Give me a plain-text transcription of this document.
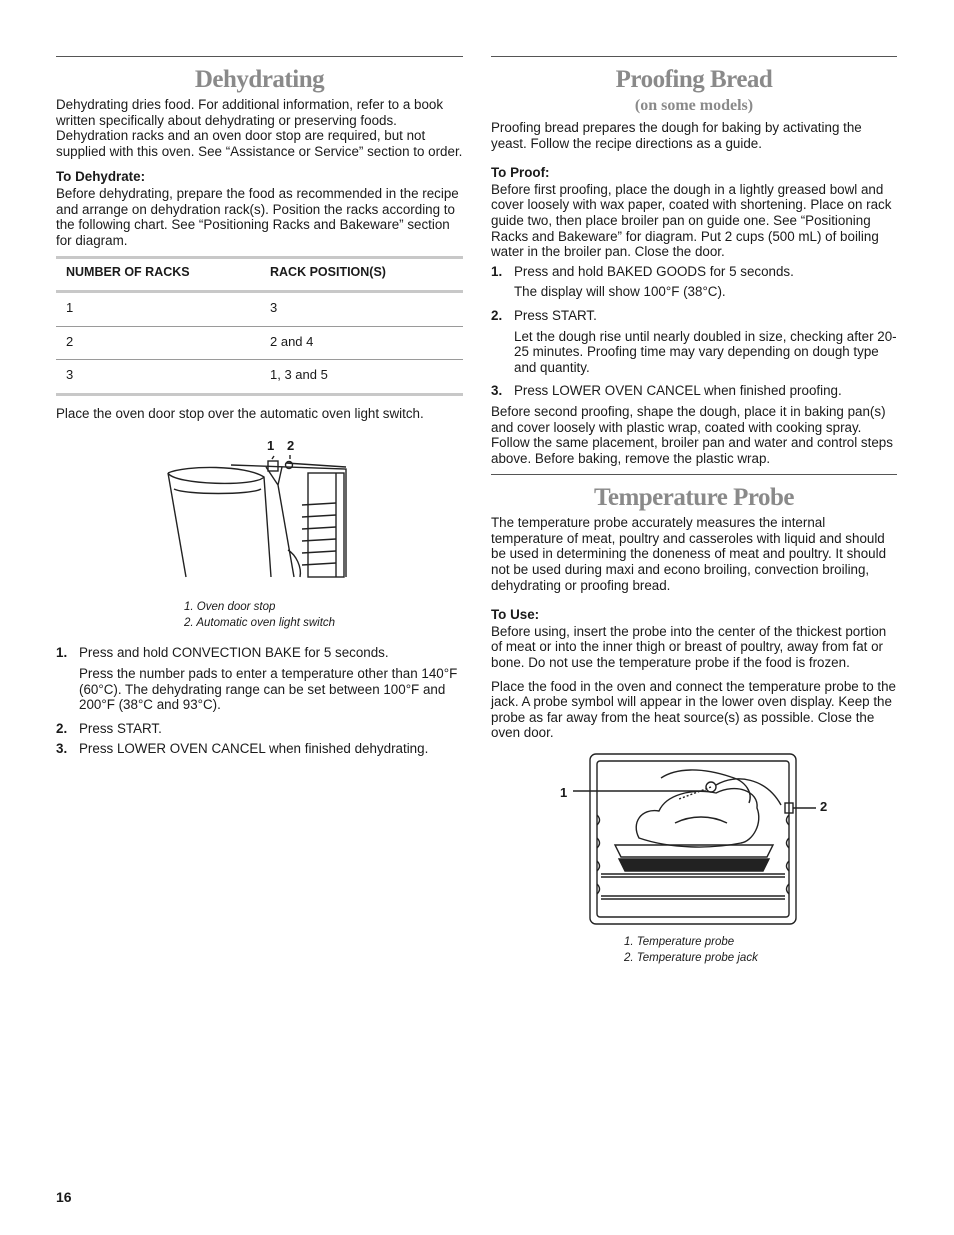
Dehydrating

Dehydrating dries food. For additional information, refer to a book written specifically about dehydrating or preserving foods. Dehydration racks and an oven door stop are required, but not supplied with this oven. See “Assistance or Service” section to order.

To Dehydrate:

Before dehydrating, prepare the food as recommended in the recipe and arrange on dehydration rack(s). Position the racks according to the following chart. See “Positioning Racks and Bakeware” section for diagram.

NUMBER OF RACKS	RACK POSITION(S)
1	3
2	2 and 4
3	1, 3 and 5

Place the oven door stop over the automatic oven light switch.

1 2
1. Oven door stop
2. Automatic oven light switch
1. Press and hold CONVECTION BAKE for 5 seconds.
Press the number pads to enter a temperature other than 140°F (60°C). The dehydrating range can be set between 100°F and 200°F (38°C and 93°C).
2. Press START.
3. Press LOWER OVEN CANCEL when finished dehydrating.
Proofing Bread
(on some models)

Proofing bread prepares the dough for baking by activating the yeast. Follow the recipe directions as a guide.

To Proof:

Before first proofing, place the dough in a lightly greased bowl and cover loosely with wax paper, coated with shortening. Place on rack guide two, then place broiler pan on guide one. See “Positioning Racks and Bakeware” for diagram. Put 2 cups (500 mL) of boiling water in the broiler pan. Close the door.

1. Press and hold BAKED GOODS for 5 seconds.
The display will show 100°F (38°C).
2. Press START.
Let the dough rise until nearly doubled in size, checking after 20-25 minutes. Proofing time may vary depending on dough type and quantity.
3. Press LOWER OVEN CANCEL when finished proofing.

Before second proofing, shape the dough, place it in baking pan(s) and cover loosely with plastic wrap, coated with cooking spray. Follow the same placement, broiler pan and water and control steps above. Before baking, remove the plastic wrap.

Temperature Probe

The temperature probe accurately measures the internal temperature of meat, poultry and casseroles with liquid and should be used in determining the doneness of meat and poultry. It should not be used during maxi and econo broiling, convection broiling, dehydrating or proofing bread.

To Use:

Before using, insert the probe into the center of the thickest portion of meat or into the inner thigh or breast of poultry, away from fat or bone. Do not use the temperature probe if the food is frozen.

Place the food in the oven and connect the temperature probe to the jack. A probe symbol will appear in the lower oven display. Keep the probe as far away from the heat source(s) as possible. Close the oven door.

1
2
1. Temperature probe
2. Temperature probe jack
16
